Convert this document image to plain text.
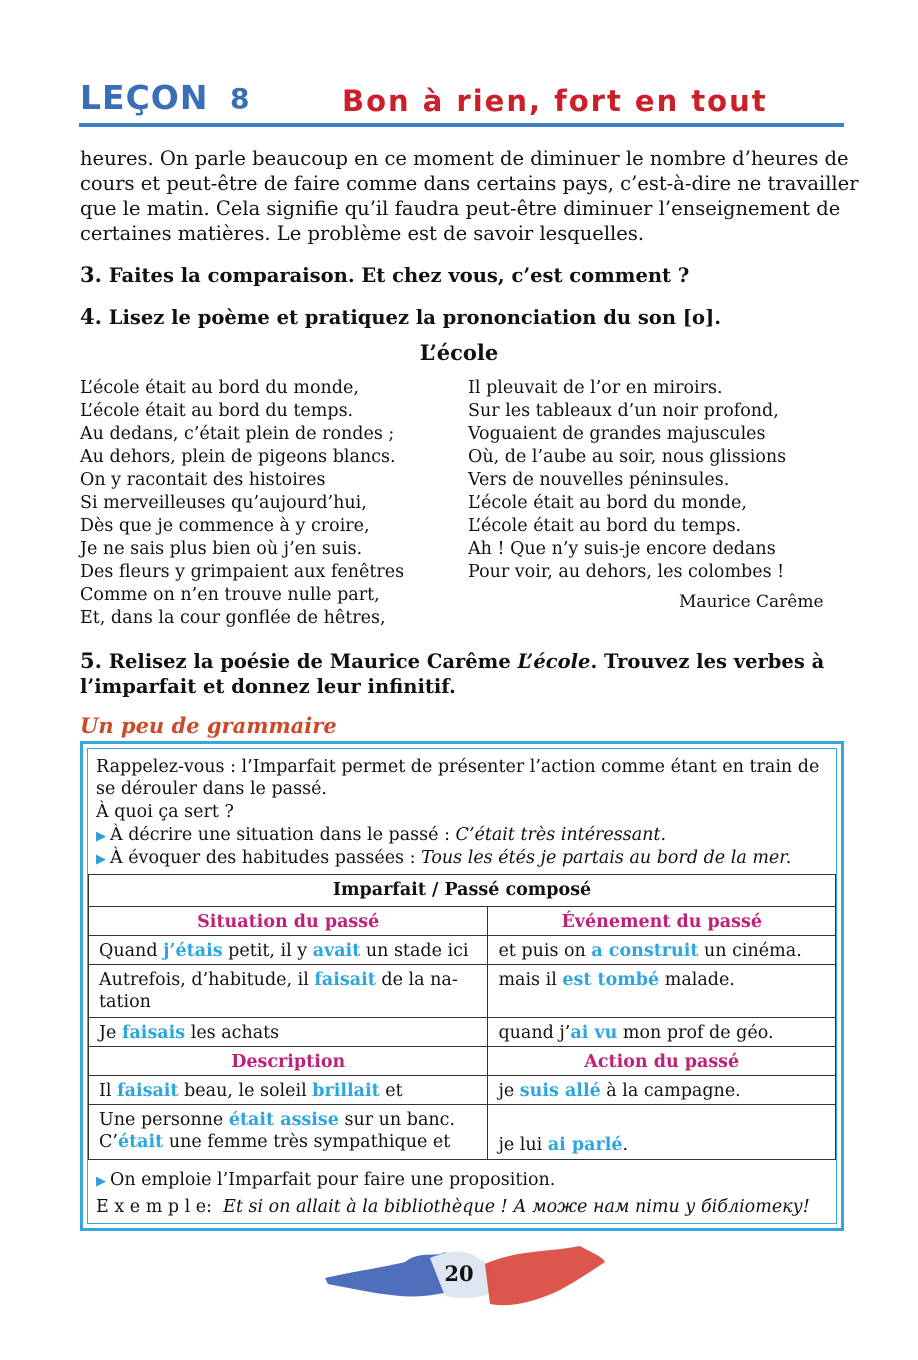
LEÇON 8	Bon à rien, fort en tout
heures. On parle beaucoup en ce moment de diminuer le nombre d’heures de
cours et peut-être de faire comme dans certains pays, c’est-à-dire ne travailler
que le matin. Cela signifie qu’il faudra peut-être diminuer l’enseignement de
certaines matières. Le problème est de savoir lesquelles.
3. Faites la comparaison. Et chez vous, c’est comment ?
4. Lisez le poème et pratiquez la prononciation du son [o].
L’école
L’école était au bord du monde,
L’école était au bord du temps.
Au dedans, c’était plein de rondes ;
Au dehors, plein de pigeons blancs.
On y racontait des histoires
Si merveilleuses qu’aujourd’hui,
Dès que je commence à y croire,
Je ne sais plus bien où j’en suis.
Des fleurs y grimpaient aux fenêtres
Comme on n’en trouve nulle part,
Et, dans la cour gonflée de hêtres,
Il pleuvait de l’or en miroirs.
Sur les tableaux d’un noir profond,
Voguaient de grandes majuscules
Où, de l’aube au soir, nous glissions
Vers de nouvelles péninsules.
L’école était au bord du monde,
L’école était au bord du temps.
Ah ! Que n’y suis-je encore dedans
Pour voir, au dehors, les colombes !
Maurice Carême
5. Relisez la poésie de Maurice Carême L’école. Trouvez les verbes à
l’imparfait et donnez leur infinitif.
Un peu de grammaire
Rappelez-vous : l’Imparfait permet de présenter l’action comme étant en train de
se dérouler dans le passé.
À quoi ça sert ?
▶ À décrire une situation dans le passé : C’était très intéressant.
▶ À évoquer des habitudes passées : Tous les étés je partais au bord de la mer.
Imparfait / Passé composé	
Situation du passé	Événement du passé
Quand j’étais petit, il y avait un stade ici	et puis on a construit un cinéma.
Autrefois, d’habitude, il faisait de la na-
tation	mais il est tombé malade.
Je faisais les achats	quand j’ai vu mon prof de géo.
Description	Action du passé
Il faisait beau, le soleil brillait et	je suis allé à la campagne.
Une personne était assise sur un banc.
C’était une femme très sympathique et	je lui ai parlé.
▶ On emploie l’Imparfait pour faire une proposition.
E x e m p l e: Et si on allait à la bibliothèque ! А може нам піти у бібліотеку!
20
